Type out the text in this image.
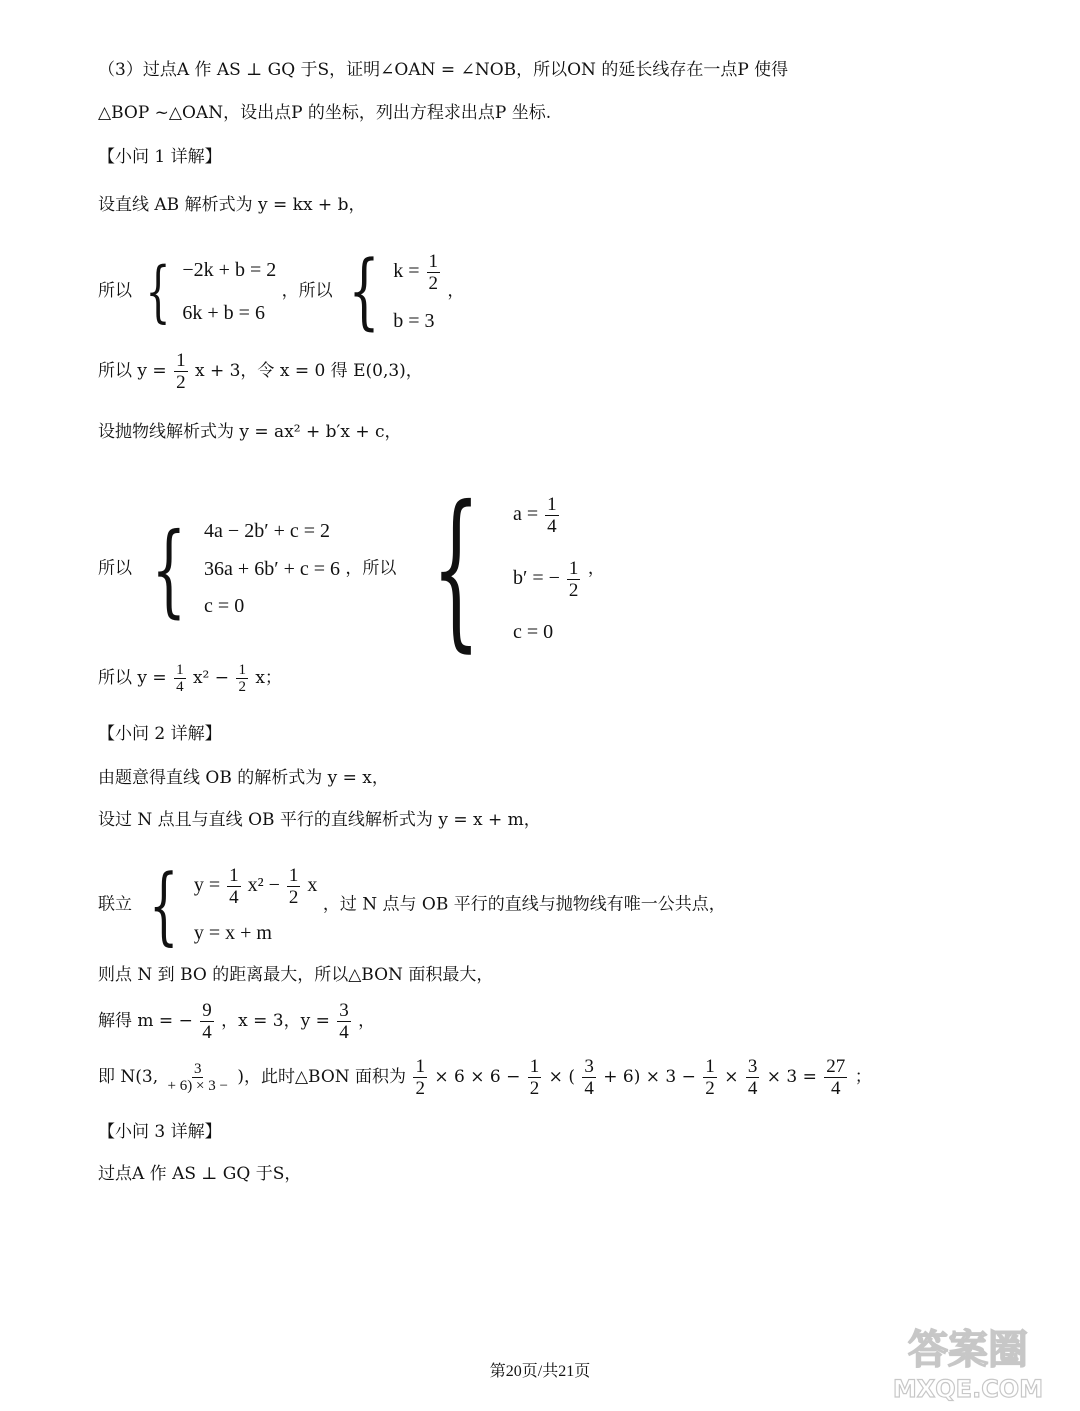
（3）过点A 作 AS ⊥ GQ 于S，证明∠OAN = ∠NOB，所以ON 的延长线存在一点P 使得
△BOP ~△OAN，设出点P 的坐标，列出方程求出点P 坐标.
【小问 1 详解】
设直线 AB 解析式为 y = kx + b，
所以 { −2k + b = 2
6k + b = 6
，所以 { $k = \frac{1}{2}$
b = 3
，
所以 $y = \frac{1}{2}$ x + 3，令 x = 0 得 E(0,3)，
设抛物线解析式为 y = ax² + b′x + c，
所以 { 4a − 2b′ + c = 2
36a + 6b′ + c = 6
c = 0
，所以 { $a = \frac{1}{4}$
b′ = − $\frac{1}{2}$
c = 0
，
所以 $y = \frac{1}{4} x^2 - \frac{1}{2}$ x；
【小问 2 详解】
由题意得直线 OB 的解析式为 y = x，
设过 N 点且与直线 OB 平行的直线解析式为 y = x + m，
联立 { $y = \frac{1}{4} x^2 - \frac{1}{2}$ x
y = x + m
，过 N 点与 OB 平行的直线与抛物线有唯一公共点，
则点 N 到 BO 的距离最大，所以△BON 面积最大，
解得 m = − $\frac{9}{4}$ ，x = 3，$y = \frac{3}{4}$ ，
即 N(3, $\frac{3}{+ 6) \times 3 -}$ )，此时△BON 面积为 $\frac{1}{2} \times 6 \times 6 - \frac{1}{2}$ × ( $\frac{3}{4} + 6) \times 3 - \frac{1}{2} \times \frac{3}{4} \times 3 = \frac{27}{4}$ ；
【小问 3 详解】
过点A 作 AS ⊥ GQ 于S，
第20页/共21页	答案圈
MXQE.COM
